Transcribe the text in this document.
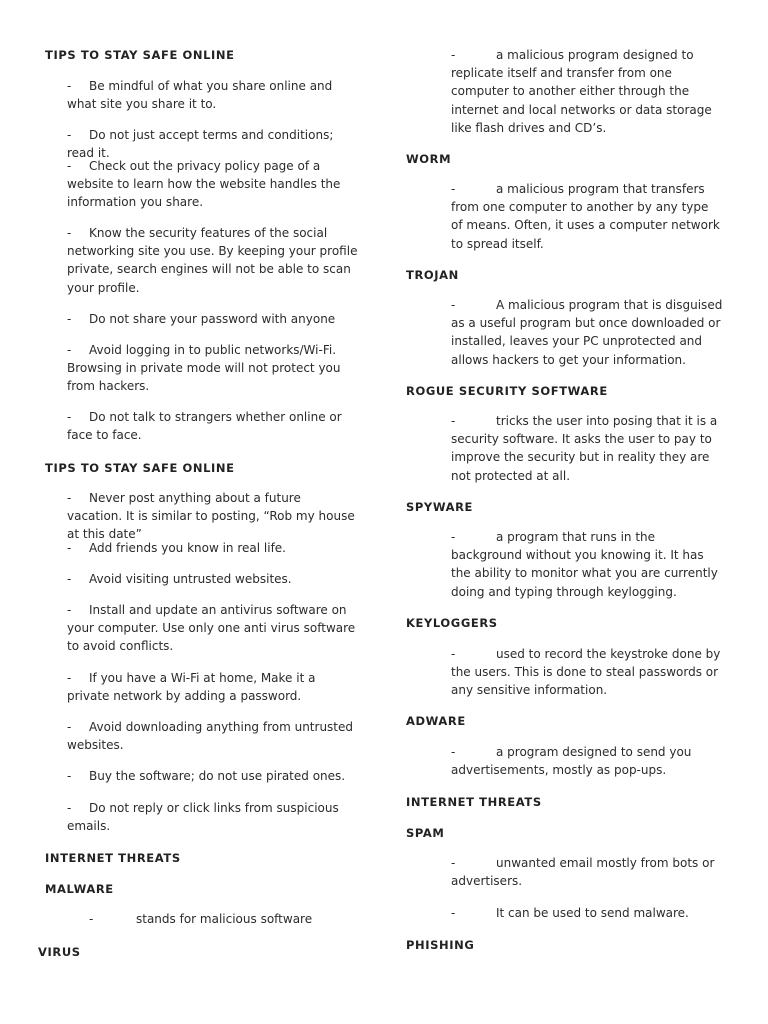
TIPS TO STAY SAFE ONLINE
- Be mindful of what you share online and what site you share it to.
- Do not just accept terms and conditions; read it.
- Check out the privacy policy page of a website to learn how the website handles the information you share.
- Know the security features of the social networking site you use. By keeping your profile private, search engines will not be able to scan your profile.
- Do not share your password with anyone
- Avoid logging in to public networks/Wi-Fi. Browsing in private mode will not protect you from hackers.
- Do not talk to strangers whether online or face to face.
TIPS TO STAY SAFE ONLINE
- Never post anything about a future vacation. It is similar to posting, “Rob my house at this date”
- Add friends you know in real life.
- Avoid visiting untrusted websites.
- Install and update an antivirus software on your computer. Use only one anti virus software to avoid conflicts.
- If you have a Wi-Fi at home, Make it a private network by adding a password.
- Avoid downloading anything from untrusted websites.
- Buy the software; do not use pirated ones.
- Do not reply or click links from suspicious emails.
INTERNET THREATS
MALWARE
-	stands for malicious software
VIRUS
-	a malicious program designed to replicate itself and transfer from one computer to another either through the internet and local networks or data storage like flash drives and CD’s.
WORM
-	a malicious program that transfers from one computer to another by any type of means. Often, it uses a computer network to spread itself.
TROJAN
-	A malicious program that is disguised as a useful program but once downloaded or installed, leaves your PC unprotected and allows hackers to get your information.
ROGUE SECURITY SOFTWARE
-	tricks the user into posing that it is a security software. It asks the user to pay to improve the security but in reality they are not protected at all.
SPYWARE
-	a program that runs in the background without you knowing it. It has the ability to monitor what you are currently doing and typing through keylogging.
KEYLOGGERS
-	used to record the keystroke done by the users. This is done to steal passwords or any sensitive information.
ADWARE
-	a program designed to send you advertisements, mostly as pop-ups.
INTERNET THREATS
SPAM
-	unwanted email mostly from bots or advertisers.
-	It can be used to send malware.
PHISHING
